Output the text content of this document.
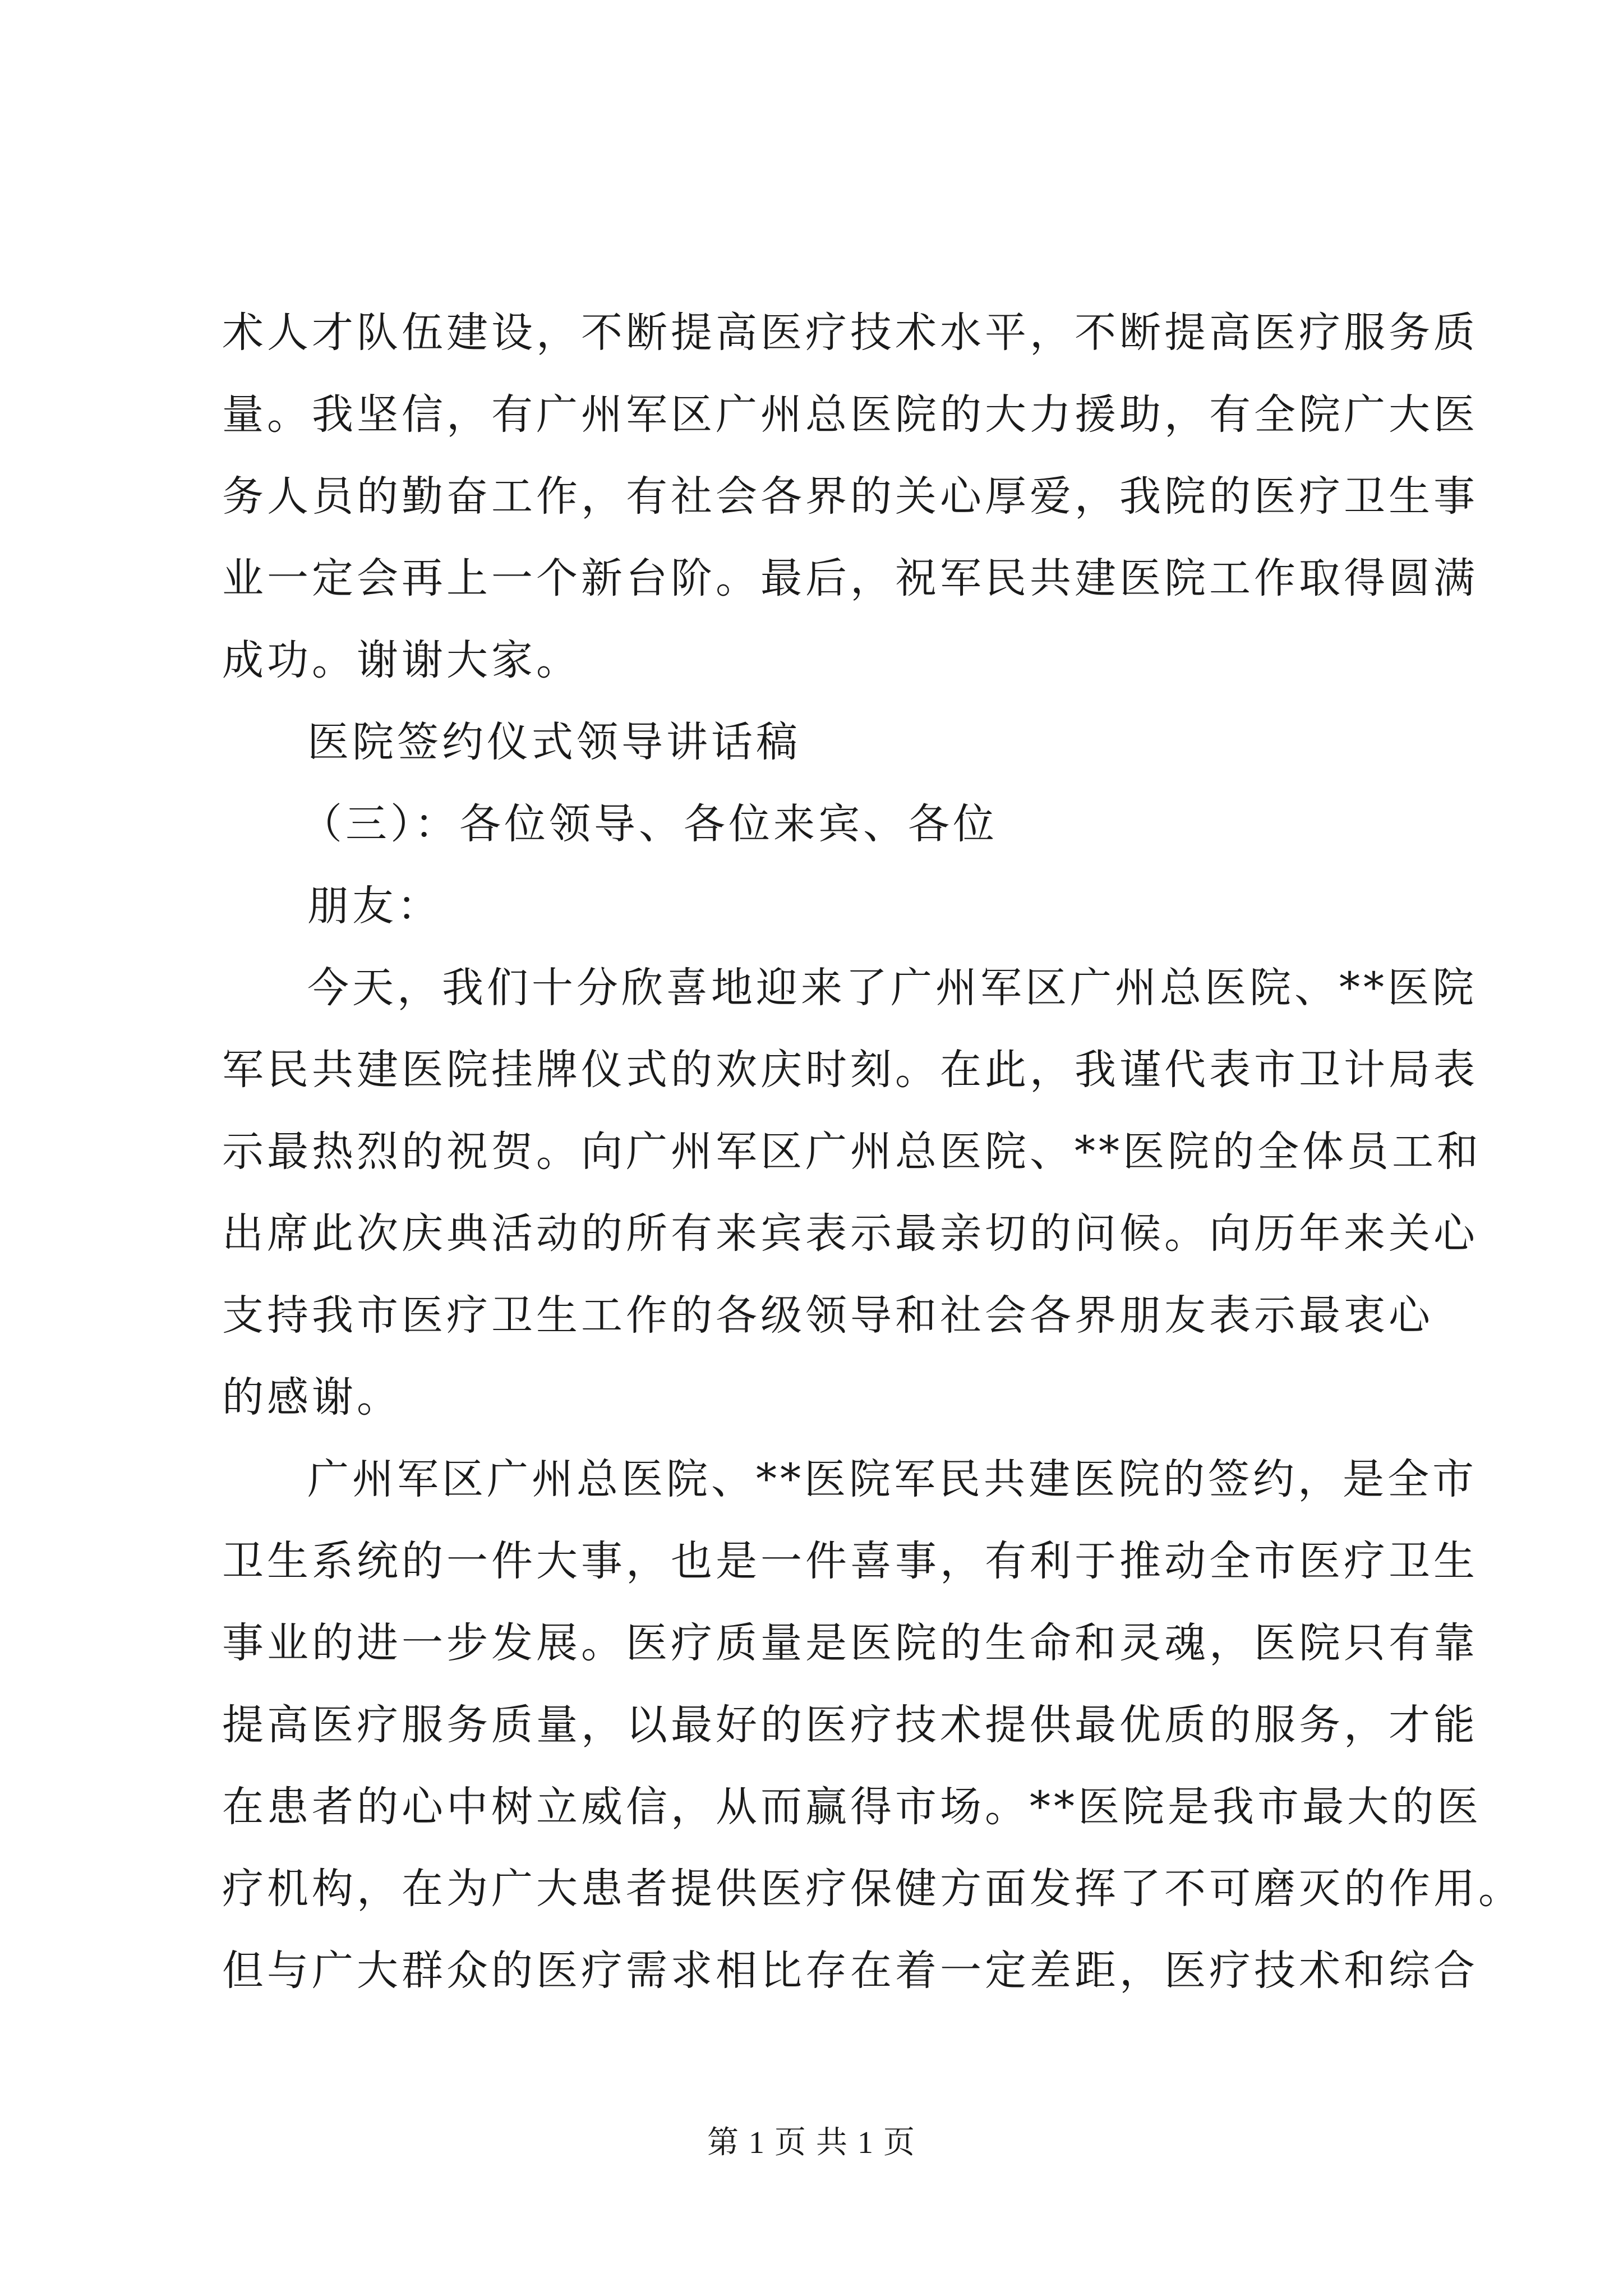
术人才队伍建设，不断提高医疗技术水平，不断提高医疗服务质
量。我坚信，有广州军区广州总医院的大力援助，有全院广大医
务人员的勤奋工作，有社会各界的关心厚爱，我院的医疗卫生事
业一定会再上一个新台阶。最后，祝军民共建医院工作取得圆满
成功。谢谢大家。
医院签约仪式领导讲话稿
（三）：各位领导、各位来宾、各位
朋友：
今天，我们十分欣喜地迎来了广州军区广州总医院、**医院
军民共建医院挂牌仪式的欢庆时刻。在此，我谨代表市卫计局表
示最热烈的祝贺。向广州军区广州总医院、**医院的全体员工和
出席此次庆典活动的所有来宾表示最亲切的问候。向历年来关心
支持我市医疗卫生工作的各级领导和社会各界朋友表示最衷心
的感谢。
广州军区广州总医院、**医院军民共建医院的签约，是全市
卫生系统的一件大事，也是一件喜事，有利于推动全市医疗卫生
事业的进一步发展。医疗质量是医院的生命和灵魂，医院只有靠
提高医疗服务质量，以最好的医疗技术提供最优质的服务，才能
在患者的心中树立威信，从而赢得市场。**医院是我市最大的医
疗机构，在为广大患者提供医疗保健方面发挥了不可磨灭的作用。
但与广大群众的医疗需求相比存在着一定差距，医疗技术和综合
第 1 页 共 1 页
